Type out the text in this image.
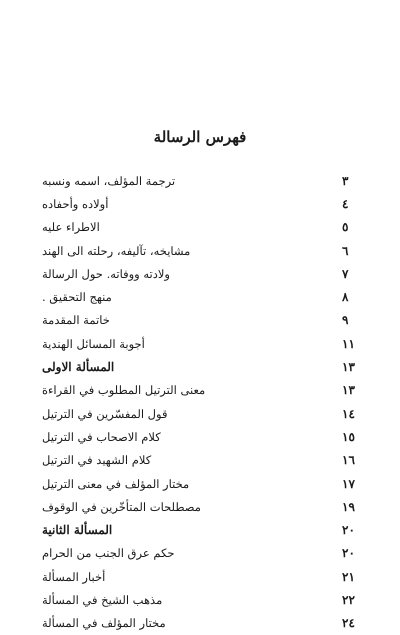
فهرس الرسالة
ترجمة المؤلف، اسمه ونسبه	٣
أولاده وأحفاده	٤
الاطراء عليه	٥
مشايخه، تآليفه، رحلته الى الهند	٦
ولادته ووفاته. حول الرسالة	٧
منهج التحقيق .	٨
خاتمة المقدمة	٩
أجوبة المسائل الهندية	١١
المسألة الاولى	١٣
معنى الترتيل المطلوب في القراءة	١٣
قول المفسّرين في الترتيل	١٤
كلام الاصحاب في الترتيل	١٥
كلام الشهيد في الترتيل	١٦
مختار المؤلف في معنى الترتيل	١٧
مصطلحات المتأخّرين في الوقوف	١٩
المسألة الثانية	٢٠
حكم عرق الجنب من الحرام	٢٠
أخبار المسألة	٢١
مذهب الشيخ في المسألة	٢٢
مختار المؤلف في المسألة	٢٤
